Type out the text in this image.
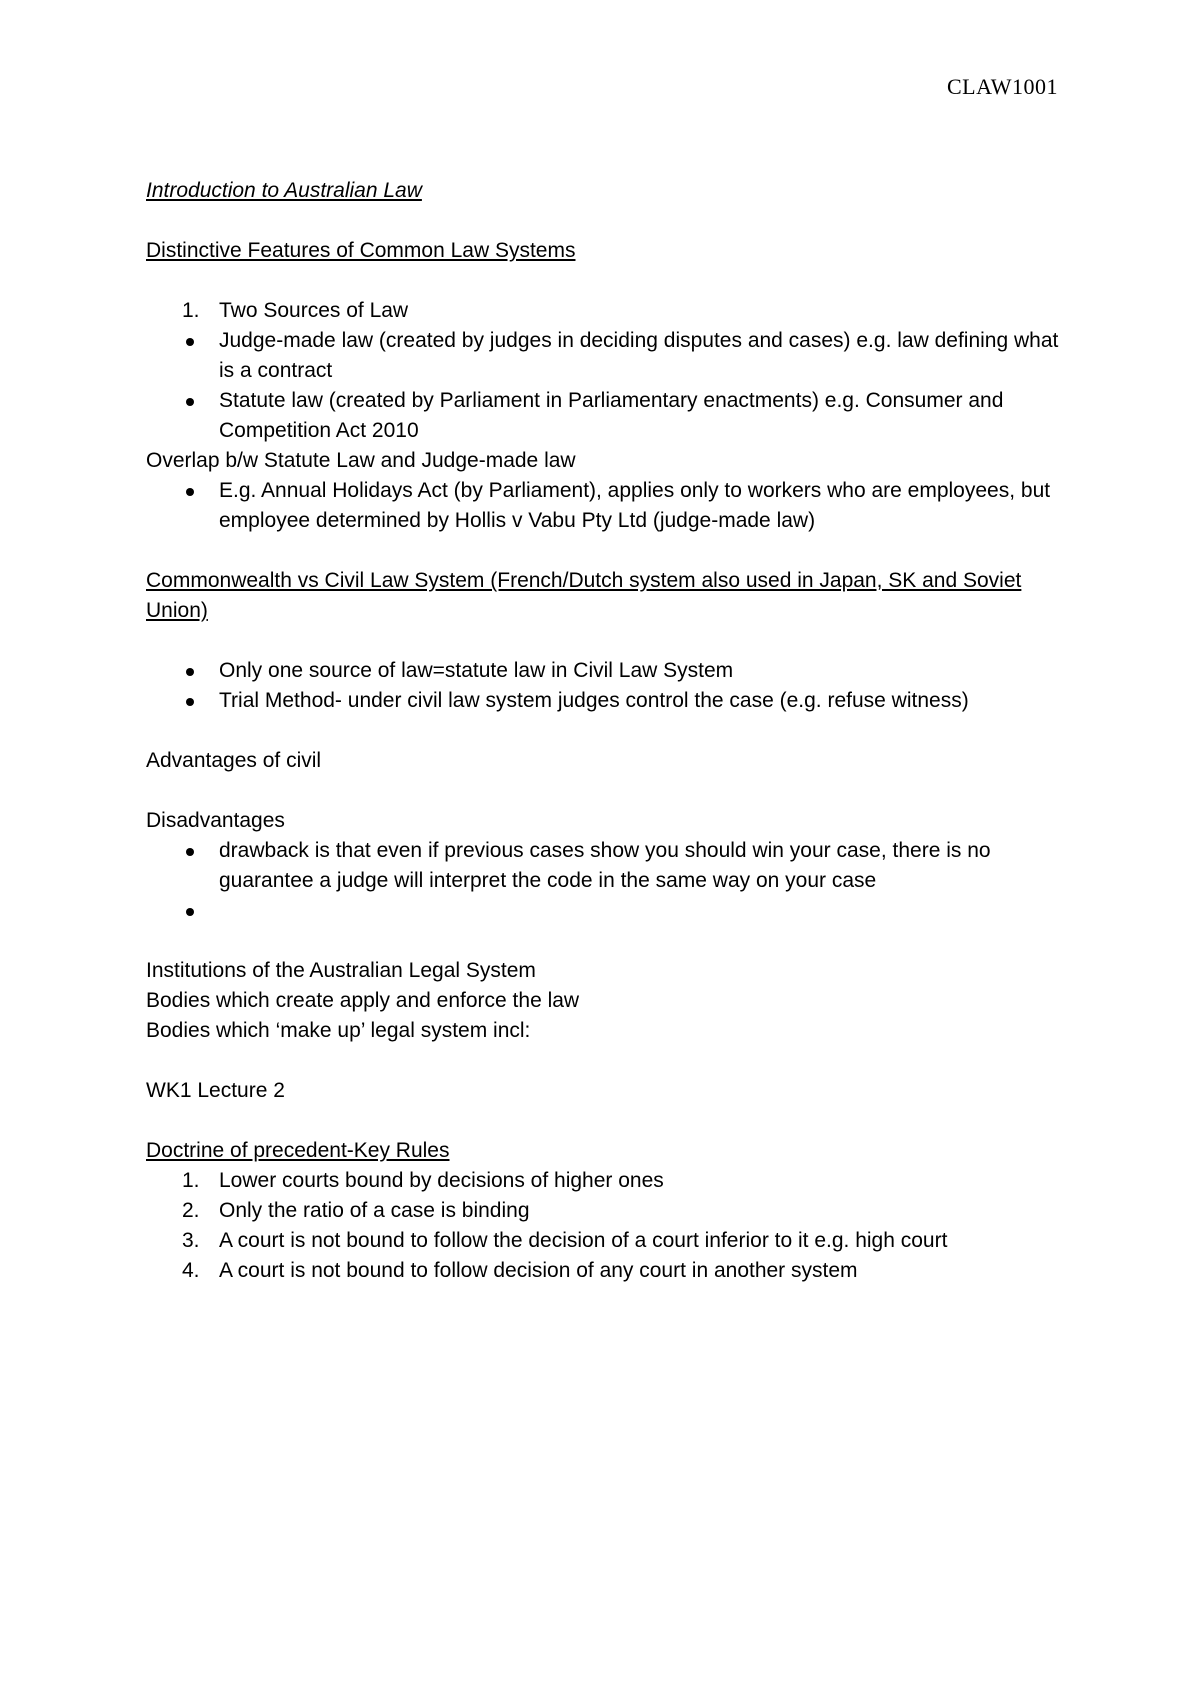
CLAW1001

Introduction to Australian Law

Distinctive Features of Common Law Systems

1. Two Sources of Law
Judge-made law (created by judges in deciding disputes and cases) e.g. law defining what is a contract
Statute law (created by Parliament in Parliamentary enactments) e.g. Consumer and Competition Act 2010

Overlap b/w Statute Law and Judge-made law

E.g. Annual Holidays Act (by Parliament), applies only to workers who are employees, but employee determined by Hollis v Vabu Pty Ltd (judge-made law)

Commonwealth vs Civil Law System (French/Dutch system also used in Japan, SK and Soviet Union)

Only one source of law=statute law in Civil Law System
Trial Method- under civil law system judges control the case (e.g. refuse witness)

Advantages of civil

Disadvantages

drawback is that even if previous cases show you should win your case, there is no guarantee a judge will interpret the code in the same way on your case

Institutions of the Australian Legal System

Bodies which create apply and enforce the law

Bodies which ‘make up’ legal system incl:

WK1 Lecture 2

Doctrine of precedent-Key Rules

1. Lower courts bound by decisions of higher ones
2. Only the ratio of a case is binding
3. A court is not bound to follow the decision of a court inferior to it e.g. high court
4. A court is not bound to follow decision of any court in another system
